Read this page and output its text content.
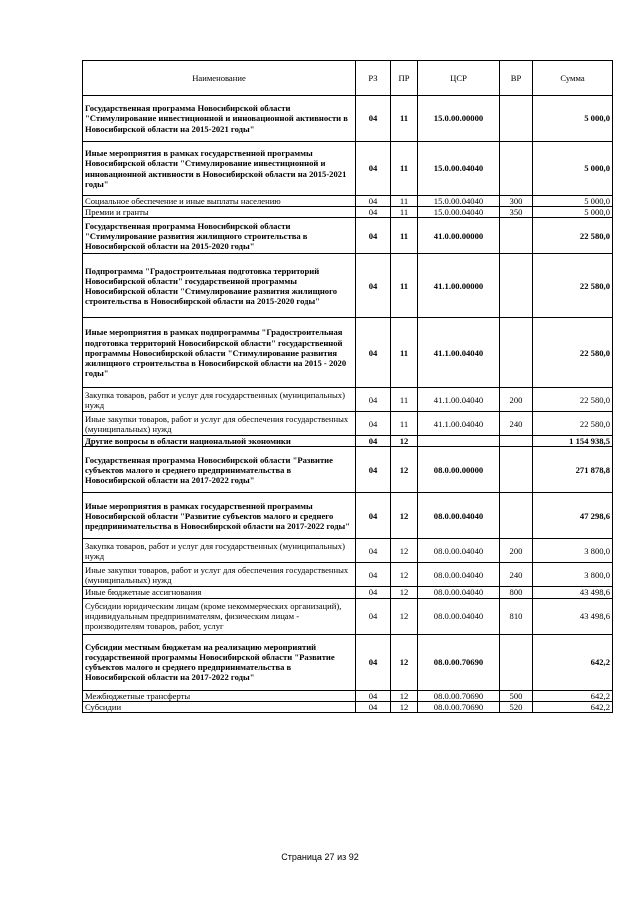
Наименование	РЗ	ПР	ЦСР	ВР	Сумма
Государственная программа Новосибирской области "Стимулирование инвестиционной и инновационной активности в Новосибирской области на 2015-2021 годы"	04	11	15.0.00.00000		5 000,0
Иные мероприятия в рамках государственной программы Новосибирской области "Стимулирование инвестиционной и инновационной активности в Новосибирской области на 2015-2021 годы"	04	11	15.0.00.04040		5 000,0
Социальное обеспечение и иные выплаты населению	04	11	15.0.00.04040	300	5 000,0
Премии и гранты	04	11	15.0.00.04040	350	5 000,0
Государственная программа Новосибирской области "Стимулирование развития жилищного строительства в Новосибирской области на 2015-2020 годы"	04	11	41.0.00.00000		22 580,0
Подпрограмма "Градостроительная подготовка территорий Новосибирской области" государственной программы Новосибирской области "Стимулирование развития жилищного строительства в Новосибирской области на 2015-2020 годы"	04	11	41.1.00.00000		22 580,0
Иные мероприятия в рамках подпрограммы "Градостроительная подготовка территорий Новосибирской области" государственной программы Новосибирской области "Стимулирование развития жилищного строительства в Новосибирской области на 2015 - 2020 годы"	04	11	41.1.00.04040		22 580,0
Закупка товаров, работ и услуг для государственных (муниципальных) нужд	04	11	41.1.00.04040	200	22 580,0
Иные закупки товаров, работ и услуг для обеспечения государственных (муниципальных) нужд	04	11	41.1.00.04040	240	22 580,0
Другие вопросы в области национальной экономики	04	12			1 154 938,5
Государственная программа Новосибирской области "Развитие субъектов малого и среднего предпринимательства в Новосибирской области на 2017-2022 годы"	04	12	08.0.00.00000		271 878,8
Иные мероприятия в рамках государственной программы Новосибирской области "Развитие субъектов малого и среднего предпринимательства в Новосибирской области на 2017-2022 годы"	04	12	08.0.00.04040		47 298,6
Закупка товаров, работ и услуг для государственных (муниципальных) нужд	04	12	08.0.00.04040	200	3 800,0
Иные закупки товаров, работ и услуг для обеспечения государственных (муниципальных) нужд	04	12	08.0.00.04040	240	3 800,0
Иные бюджетные ассигнования	04	12	08.0.00.04040	800	43 498,6
Субсидии юридическим лицам (кроме некоммерческих организаций), индивидуальным предпринимателям, физическим лицам - производителям товаров, работ, услуг	04	12	08.0.00.04040	810	43 498,6
Субсидии местным бюджетам на реализацию мероприятий государственной программы Новосибирской области "Развитие субъектов малого и среднего предпринимательства в Новосибирской области на 2017-2022 годы"	04	12	08.0.00.70690		642,2
Межбюджетные трансферты	04	12	08.0.00.70690	500	642,2
Субсидии	04	12	08.0.00.70690	520	642,2
Страница 27 из 92
